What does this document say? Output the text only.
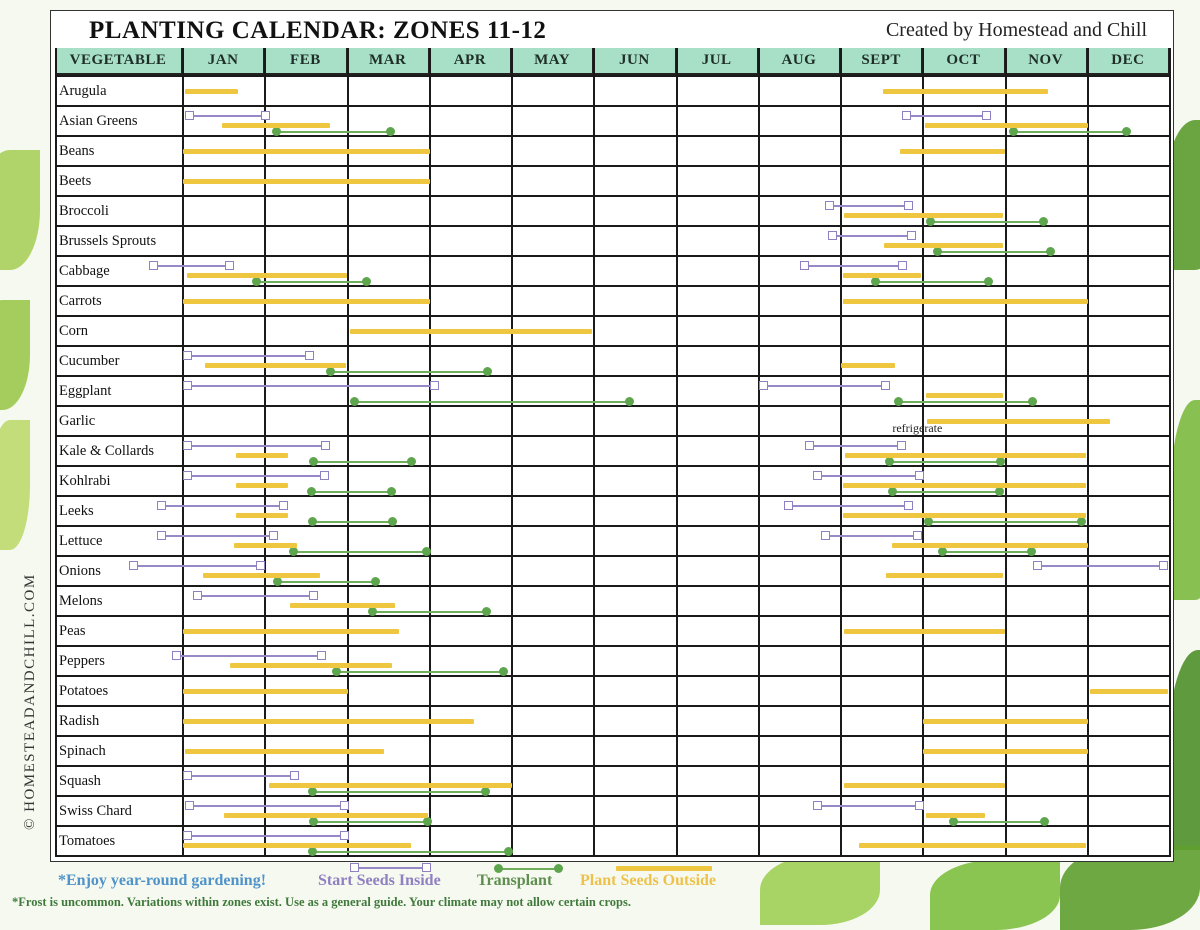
PLANTING CALENDAR: ZONES 11-12	Created by Homestead and Chill
VEGETABLE	JAN	FEB	MAR	APR	MAY	JUN	JUL	AUG	SEPT	OCT	NOV	DEC
Arugula
Asian Greens
Beans
Beets
Broccoli
Brussels Sprouts
Cabbage
Carrots
Corn
Cucumber
Eggplant
Garlic
Kale & Collards
Kohlrabi
Leeks
Lettuce
Onions
Melons
Peas
Peppers
Potatoes
Radish
Spinach
Squash
Swiss Chard
Tomatoes
refrigerate
© HOMESTEADANDCHILL.COM
*Enjoy year-round gardening!	Start Seeds Inside Transplant Plant Seeds Outside
*Frost is uncommon. Variations within zones exist. Use as a general guide. Your climate may not allow certain crops.
